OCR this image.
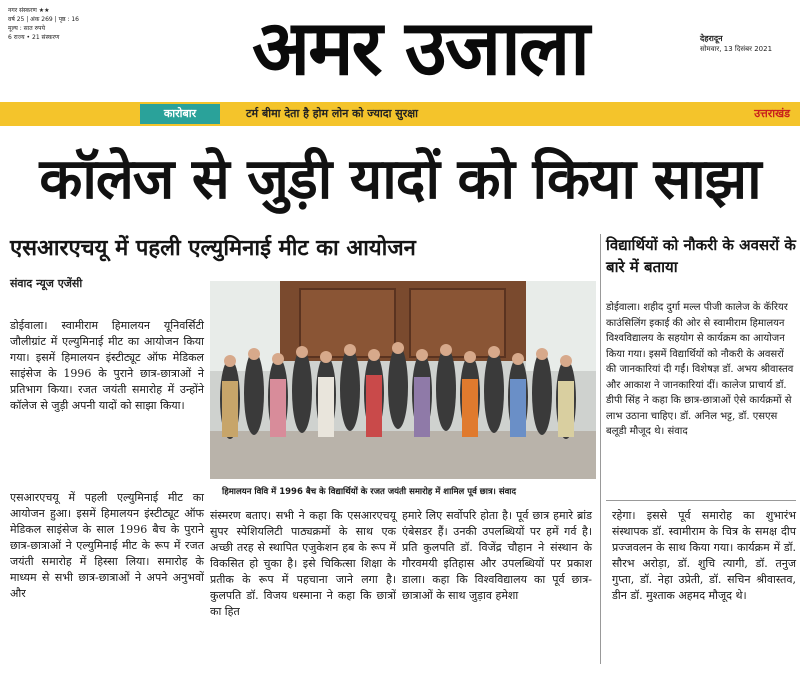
नगर संस्करण ★★
वर्ष 25 | अंक 269 | पृष्ठ : 16
मूल्य : सात रुपये
6 राज्य • 21 संस्करण	अमर उजाला	देहरादून
सोमवार, 13 दिसंबर 2021
कारोबार	टर्म बीमा देता है होम लोन को ज्यादा सुरक्षा	उत्तराखंड
कॉलेज से जुड़ी यादों को किया साझा
एसआरएचयू में पहली एल्युमिनाई मीट का आयोजन
संवाद न्यूज एजेंसी
डोईवाला। स्वामीराम हिमालयन यूनिवर्सिटी जौलीग्रांट में एल्युमिनाई मीट का आयोजन किया गया। इसमें हिमालयन इंस्टीट्यूट ऑफ मेडिकल साइंसेज के 1996 के पुराने छात्र-छात्राओं ने प्रतिभाग किया। रजत जयंती समारोह में उन्होंने कॉलेज से जुड़ी अपनी यादों को साझा किया।
एसआरएचयू में पहली एल्युमिनाई मीट का आयोजन हुआ। इसमें हिमालयन इंस्टीट्यूट ऑफ मेडिकल साइंसेज के साल 1996 बैच के पुराने छात्र-छात्राओं ने एल्युमिनाई मीट के रूप में रजत जयंती समारोह में हिस्सा लिया। समारोह के माध्यम से सभी छात्र-छात्राओं ने अपने अनुभवों और
हिमालयन विवि में 1996 बैच के विद्यार्थियों के रजत जयंती समारोह में शामिल पूर्व छात्र। संवाद
संस्मरण बताए। सभी ने कहा कि एसआरएचयू सुपर स्पेशियलिटी पाठ्यक्रमों के साथ एक अच्छी तरह से स्थापित एजुकेशन हब के रूप में विकसित हो चुका है। इसे चिकित्सा शिक्षा के प्रतीक के रूप में पहचाना जाने लगा है। कुलपति डॉ. विजय धस्माना ने कहा कि छात्रों का हित
हमारे लिए सर्वोपरि होता है। पूर्व छात्र हमारे ब्रांड एंबेसडर हैं। उनकी उपलब्धियों पर हमें गर्व है। प्रति कुलपति डॉ. विजेंद्र चौहान ने संस्थान के गौरवमयी इतिहास और उपलब्धियों पर प्रकाश डाला। कहा कि विश्वविद्यालय का पूर्व छात्र-छात्राओं के साथ जुड़ाव हमेशा
विद्यार्थियों को नौकरी के अवसरों के बारे में बताया
डोईवाला। शहीद दुर्गा मल्ल पीजी कालेज के कॅरियर काउंसिलिंग इकाई की ओर से स्वामीराम हिमालयन विश्वविद्यालय के सहयोग से कार्यक्रम का आयोजन किया गया। इसमें विद्यार्थियों को नौकरी के अवसरों की जानकारियां दी गईं। विशेषज्ञ डॉ. अभय श्रीवास्तव और आकाश ने जानकारियां दीं। कालेज प्राचार्य डॉ. डीपी सिंह ने कहा कि छात्र-छात्राओं ऐसे कार्यक्रमों से लाभ उठाना चाहिए। डॉ. अनिल भट्ट, डॉ. एसएस बलूडी मौजूद थे। संवाद
रहेगा। इससे पूर्व समारोह का शुभारंभ संस्थापक डॉ. स्वामीराम के चित्र के समक्ष दीप प्रज्जवलन के साथ किया गया। कार्यक्रम में डॉ. सौरभ अरोड़ा, डॉ. शुचि त्यागी, डॉ. तनुज गुप्ता, डॉ. नेहा उप्रेती, डॉ. सचिन श्रीवास्तव, डीन डॉ. मुश्ताक अहमद मौजूद थे।
